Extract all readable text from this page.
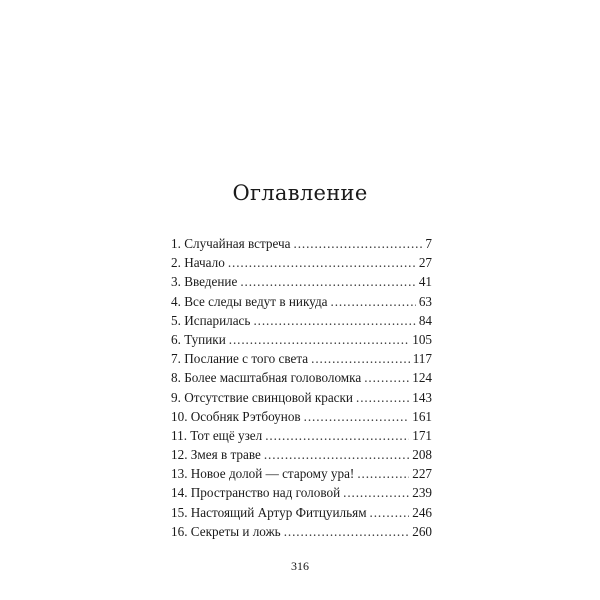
Оглавление
1. Случайная встреча . . .	7
2. Начало . . .	27
3. Введение . . .	41
4. Все следы ведут в никуда . . .	63
5. Испарилась . . .	84
6. Тупики . . .	105
7. Послание с того света . . .	117
8. Более масштабная головоломка . . .	124
9. Отсутствие свинцовой краски . . .	143
10. Особняк Рэтбоунов . . .	161
11. Тот ещё узел . . .	171
12. Змея в траве . . .	208
13. Новое долой — старому ура! . . .	227
14. Пространство над головой . . .	239
15. Настоящий Артур Фитцуильям . . .	246
16. Секреты и ложь . . .	260
316
